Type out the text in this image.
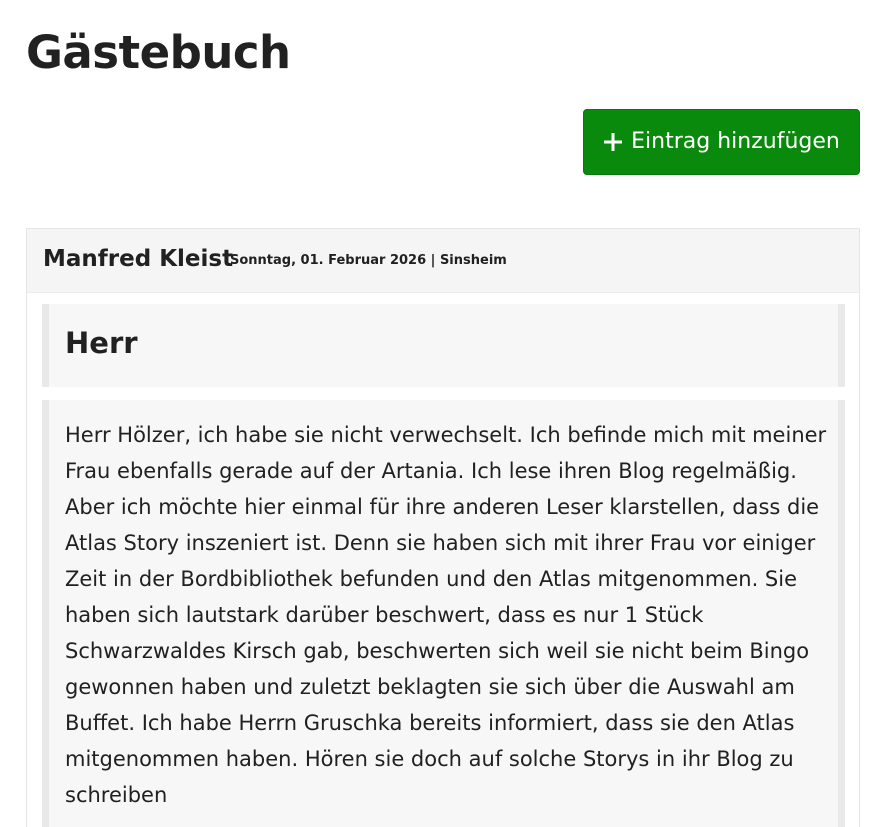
Gästebuch
Eintrag hinzufügen
Manfred Kleist
Sonntag, 01. Februar 2026 | Sinsheim
Herr

Herr Hölzer, ich habe sie nicht verwechselt. Ich befinde mich mit meiner Frau ebenfalls gerade auf der Artania. Ich lese ihren Blog regelmäßig. Aber ich möchte hier einmal für ihre anderen Leser klarstellen, dass die Atlas Story inszeniert ist. Denn sie haben sich mit ihrer Frau vor einiger Zeit in der Bordbibliothek befunden und den Atlas mitgenommen. Sie haben sich lautstark darüber beschwert, dass es nur 1 Stück Schwarzwaldes Kirsch gab, beschwerten sich weil sie nicht beim Bingo gewonnen haben und zuletzt beklagten sie sich über die Auswahl am Buffet. Ich habe Herrn Gruschka bereits informiert, dass sie den Atlas mitgenommen haben. Hören sie doch auf solche Storys in ihr Blog zu schreiben
